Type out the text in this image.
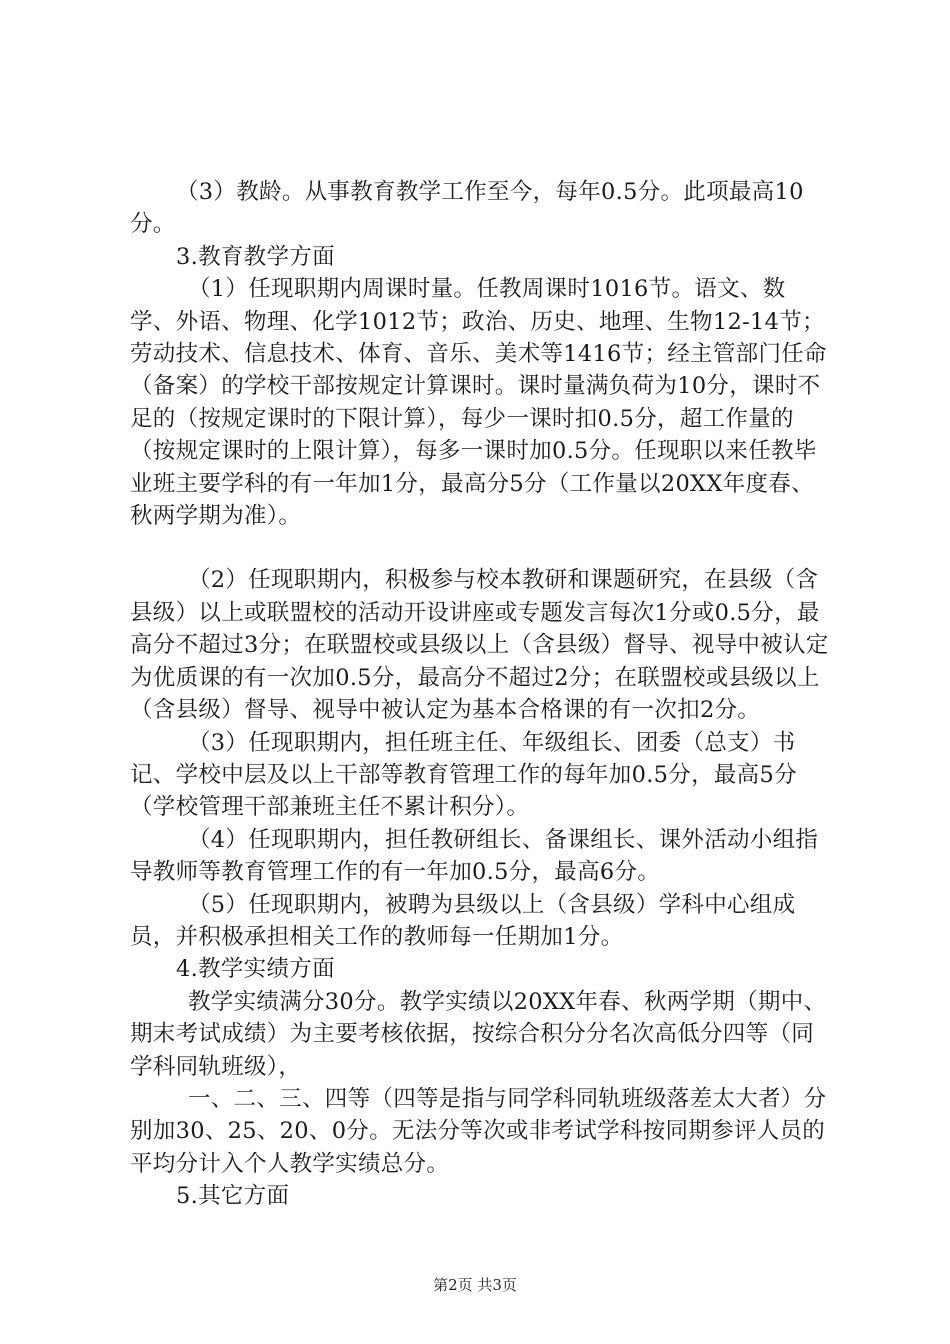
（3）教龄。从事教育教学工作至今，每年0.5分。此项最高10分。

3.教育教学方面

（1）任现职期内周课时量。任教周课时1016节。语文、数学、外语、物理、化学1012节；政治、历史、地理、生物12-14节；劳动技术、信息技术、体育、音乐、美术等1416节；经主管部门任命（备案）的学校干部按规定计算课时。课时量满负荷为10分，课时不足的（按规定课时的下限计算），每少一课时扣0.5分，超工作量的（按规定课时的上限计算），每多一课时加0.5分。任现职以来任教毕业班主要学科的有一年加1分，最高分5分（工作量以20XX年度春、秋两学期为准）。

（2）任现职期内，积极参与校本教研和课题研究，在县级（含县级）以上或联盟校的活动开设讲座或专题发言每次1分或0.5分，最高分不超过3分；在联盟校或县级以上（含县级）督导、视导中被认定为优质课的有一次加0.5分，最高分不超过2分；在联盟校或县级以上（含县级）督导、视导中被认定为基本合格课的有一次扣2分。

（3）任现职期内，担任班主任、年级组长、团委（总支）书记、学校中层及以上干部等教育管理工作的每年加0.5分，最高5分（学校管理干部兼班主任不累计积分）。

（4）任现职期内，担任教研组长、备课组长、课外活动小组指导教师等教育管理工作的有一年加0.5分，最高6分。

（5）任现职期内，被聘为县级以上（含县级）学科中心组成员，并积极承担相关工作的教师每一任期加1分。

4.教学实绩方面

教学实绩满分30分。教学实绩以20XX年春、秋两学期（期中、期末考试成绩）为主要考核依据，按综合积分分名次高低分四等（同学科同轨班级），

一、二、三、四等（四等是指与同学科同轨班级落差太大者）分别加30、25、20、0分。无法分等次或非考试学科按同期参评人员的平均分计入个人教学实绩总分。

5.其它方面

第2页 共3页
